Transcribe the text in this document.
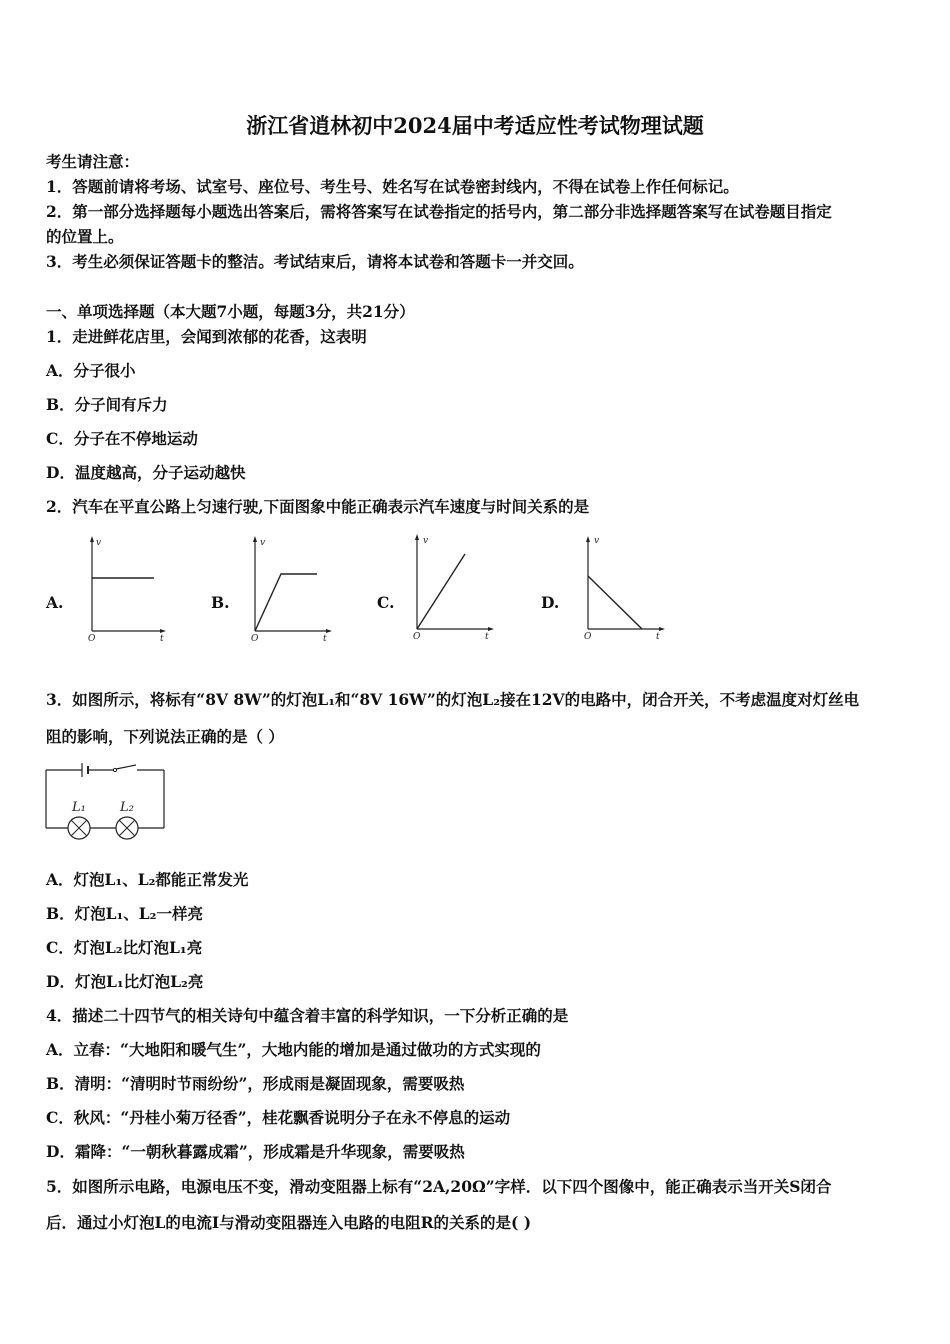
浙江省逍林初中2024届中考适应性考试物理试题
考生请注意：
1．答题前请将考场、试室号、座位号、考生号、姓名写在试卷密封线内，不得在试卷上作任何标记。
2．第一部分选择题每小题选出答案后，需将答案写在试卷指定的括号内，第二部分非选择题答案写在试卷题目指定
的位置上。
3．考生必须保证答题卡的整洁。考试结束后，请将本试卷和答题卡一并交回。
一、单项选择题（本大题7小题，每题3分，共21分）
1．走进鲜花店里，会闻到浓郁的花香，这表明
A．分子很小
B．分子间有斥力
C．分子在不停地运动
D．温度越高，分子运动越快
2．汽车在平直公路上匀速行驶,下面图象中能正确表示汽车速度与时间关系的是
A.
v
t
O
B.
v
t
O
C.
v
t
O
D.
v
t
O
3．如图所示，将标有“8V 8W”的灯泡L₁和“8V 16W”的灯泡L₂接在12V的电路中，闭合开关，不考虑温度对灯丝电
阻的影响，下列说法正确的是（ ）
L₁	L₂
A．灯泡L₁、L₂都能正常发光
B．灯泡L₁、L₂一样亮
C．灯泡L₂比灯泡L₁亮
D．灯泡L₁比灯泡L₂亮
4．描述二十四节气的相关诗句中蕴含着丰富的科学知识，一下分析正确的是
A．立春：“大地阳和暖气生”，大地内能的增加是通过做功的方式实现的
B．清明：“清明时节雨纷纷”，形成雨是凝固现象，需要吸热
C．秋风：“丹桂小菊万径香”，桂花飘香说明分子在永不停息的运动
D．霜降：“一朝秋暮露成霜”，形成霜是升华现象，需要吸热
5．如图所示电路，电源电压不变，滑动变阻器上标有“2A,20Ω”字样．以下四个图像中，能正确表示当开关S闭合
后．通过小灯泡L的电流I与滑动变阻器连入电路的电阻R的关系的是( )
